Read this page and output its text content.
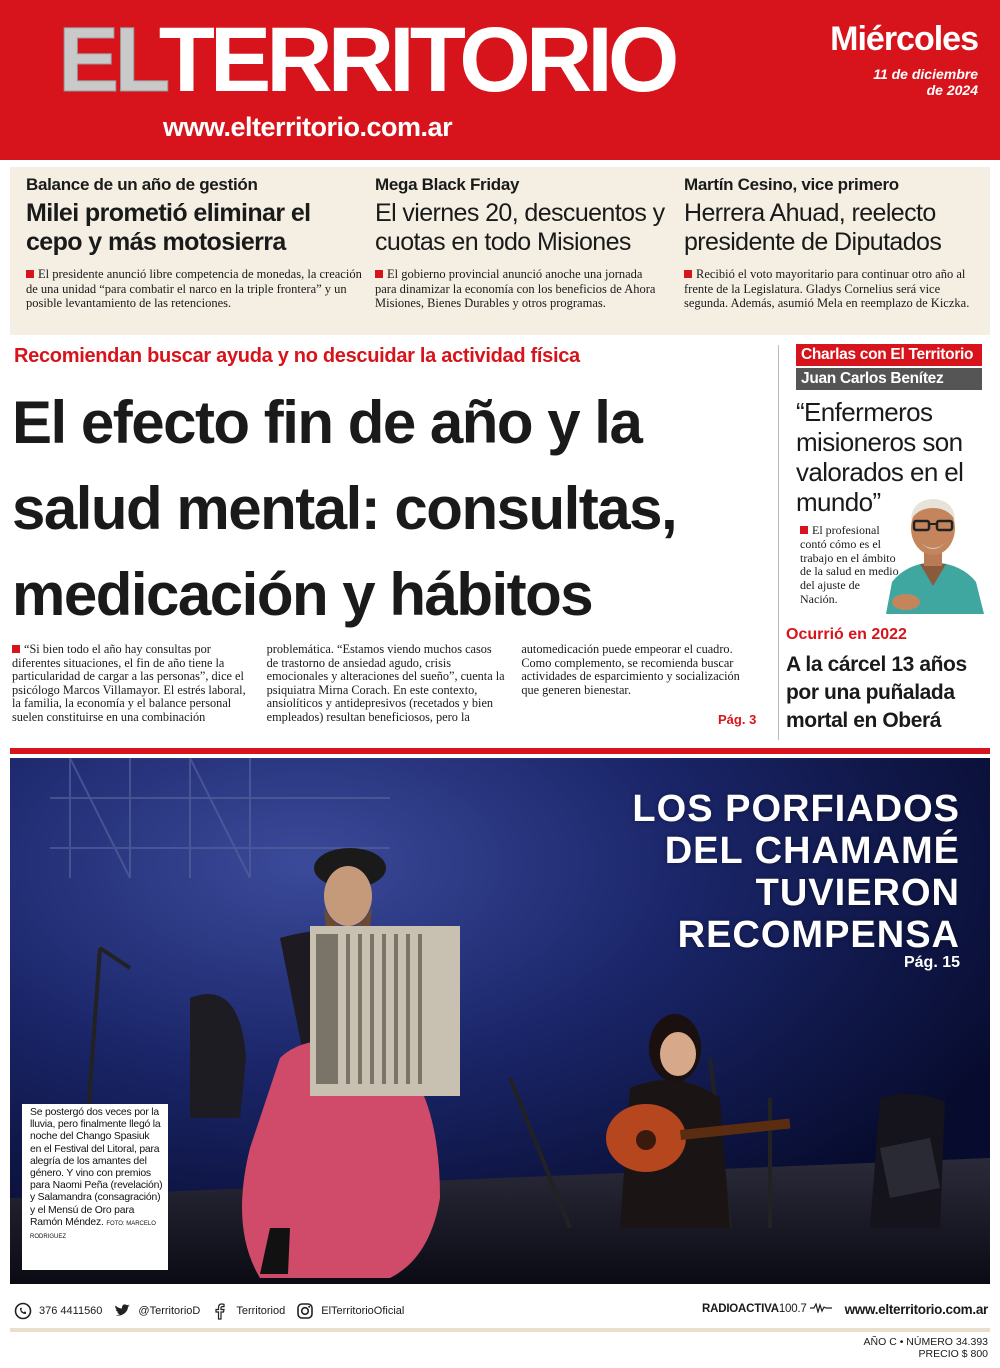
ELTERRITORIO
www.elterritorio.com.ar
Miércoles
11 de diciembre
de 2024
Balance de un año de gestión
Milei prometió eliminar el cepo y más motosierra
El presidente anunció libre competencia de monedas, la creación de una unidad “para combatir el narco en la triple frontera” y un posible levantamiento de las retenciones.
Mega Black Friday
El viernes 20, descuentos y cuotas en todo Misiones
El gobierno provincial anunció anoche una jornada para dinamizar la economía con los beneficios de Ahora Misiones, Bienes Durables y otros programas.
Martín Cesino, vice primero
Herrera Ahuad, reelecto presidente de Diputados
Recibió el voto mayoritario para continuar otro año al frente de la Legislatura. Gladys Cornelius será vice segunda. Además, asumió Mela en reemplazo de Kiczka.
Recomiendan buscar ayuda y no descuidar la actividad física
El efecto fin de año y la salud mental: consultas, medicación y hábitos
“Si bien todo el año hay consultas por diferentes situaciones, el fin de año tiene la particularidad de cargar a las personas”, dice el psicólogo Marcos Villamayor. El estrés laboral, la familia, la economía y el balance personal suelen constituirse en una combinación problemática. “Estamos viendo muchos casos de trastorno de ansiedad agudo, crisis emocionales y alteraciones del sueño”, cuenta la psiquiatra Mirna Corach. En este contexto, ansiolíticos y antidepresivos (recetados y bien empleados) resultan beneficiosos, pero la automedicación puede empeorar el cuadro. Como complemento, se recomienda buscar actividades de esparcimiento y socialización que generen bienestar.
Pág. 3
Charlas con El Territorio
Juan Carlos Benítez
“Enfermeros misioneros son valorados en el mundo”
El profesional contó cómo es el trabajo en el ámbito de la salud en medio del ajuste de Nación.
Ocurrió en 2022
A la cárcel 13 años por una puñalada mortal en Oberá
LOS PORFIADOS
DEL CHAMAMÉ
TUVIERON
RECOMPENSA
Pág. 15
Se postergó dos veces por la lluvia, pero finalmente llegó la noche del Chango Spasiuk en el Festival del Litoral, para alegría de los amantes del género. Y vino con premios para Naomi Peña (revelación) y Salamandra (consagración) y el Mensú de Oro para Ramón Méndez. FOTO: MARCELO RODRIGUEZ
376 4411560	@TerritorioD	Territoriod	ElTerritorioOficial	RADIOACTIVA100.7	www.elterritorio.com.ar
AÑO C • NÚMERO 34.393
PRECIO $ 800
